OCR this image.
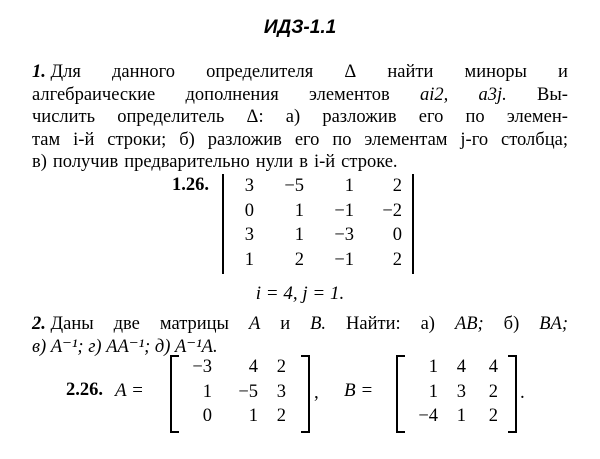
ИДЗ-1.1
1. Для данного определителя Δ найти миноры и
алгебраические дополнения элементов ai2, a3j. Вы-
числить определитель Δ: а) разложив его по элемен-
там i-й строки; б) разложив его по элементам j-го столбца;
в) получив предварительно нули в i-й строке.
1.26. 3	−5	1	2
0	1	−1	−2
3	1	−3	0
1	2	−1	2
i = 4, j = 1.
2. Даны две матрицы A и B. Найти: а) AB; б) BA;
в) A⁻¹; г) AA⁻¹; д) A⁻¹A.
2.26. A =
−3	4	2
1	−5	3
0	1	2
, B =
1	4	4
1	3	2
−4	1	2
.
